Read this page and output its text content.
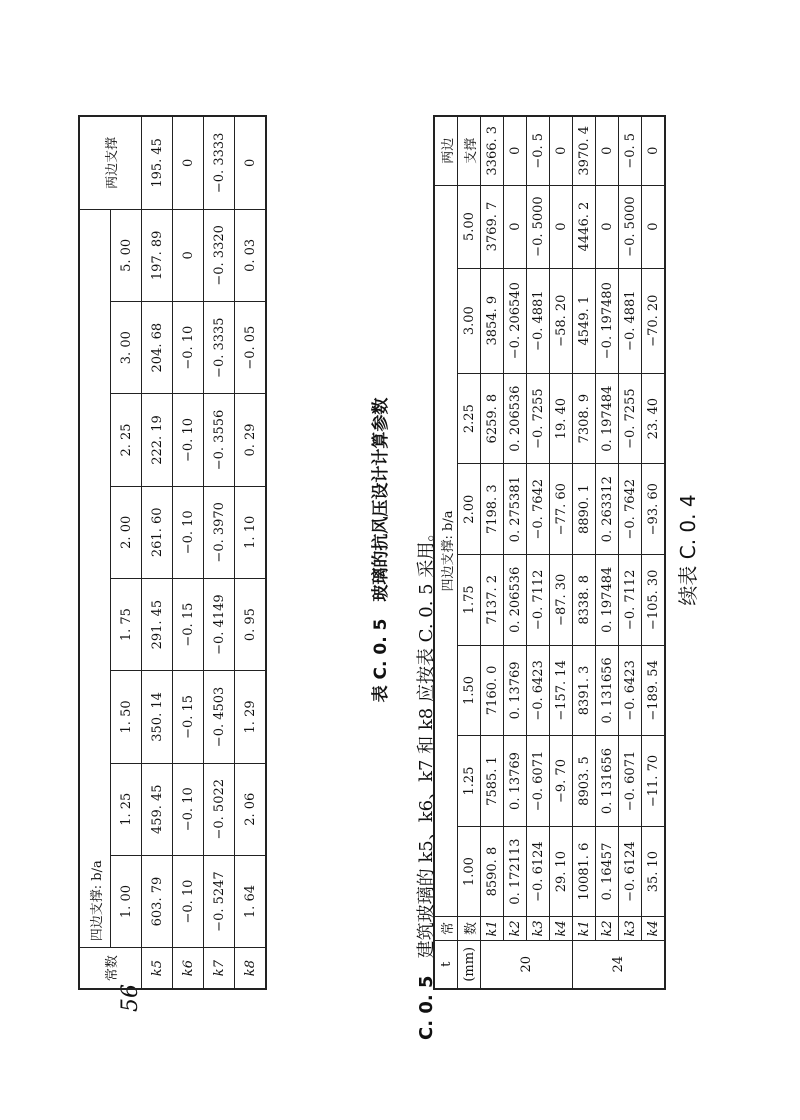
56
续表 C. 0. 4
t	常	四边支撑: b/a								两边
(mm)	数	1.00	1.25	1.50	1.75	2.00	2.25	3.00	5.00	支撑
20	k1	8590. 8	7585. 1	7160. 0	7137. 2	7198. 3	6259. 8	3854. 9	3769. 7	3366. 3
	k2	0. 172113	0. 13769	0. 13769	0. 206536	0. 275381	0. 206536	−0. 206540	0	0
	k3	−0. 6124	−0. 6071	−0. 6423	−0. 7112	−0. 7642	−0. 7255	−0. 4881	−0. 5000	−0. 5
	k4	29. 10	−9. 70	−157. 14	−87. 30	−77. 60	19. 40	−58. 20	0	0
24	k1	10081. 6	8903. 5	8391. 3	8338. 8	8890. 1	7308. 9	4549. 1	4446. 2	3970. 4
	k2	0. 16457	0. 131656	0. 131656	0. 197484	0. 263312	0. 197484	−0. 197480	0	0
	k3	−0. 6124	−0. 6071	−0. 6423	−0. 7112	−0. 7642	−0. 7255	−0. 4881	−0. 5000	−0. 5
	k4	35. 10	−11. 70	−189. 54	−105. 30	−93. 60	23. 40	−70. 20	0	0
C. 0. 5   建筑玻璃的 k5、k6、k7 和 k8 应按表 C. 0. 5 采用。
表 C. 0. 5　玻璃的抗风压设计计算参数
常数	四边支撑: b/a								两边支撑
	1. 00	1. 25	1. 50	1. 75	2. 00	2. 25	3. 00	5. 00	
k5	603. 79	459. 45	350. 14	291. 45	261. 60	222. 19	204. 68	197. 89	195. 45
k6	−0. 10	−0. 10	−0. 15	−0. 15	−0. 10	−0. 10	−0. 10	0	0
k7	−0. 5247	−0. 5022	−0. 4503	−0. 4149	−0. 3970	−0. 3556	−0. 3335	−0. 3320	−0. 3333
k8	1. 64	2. 06	1. 29	0. 95	1. 10	0. 29	−0. 05	0. 03	0
